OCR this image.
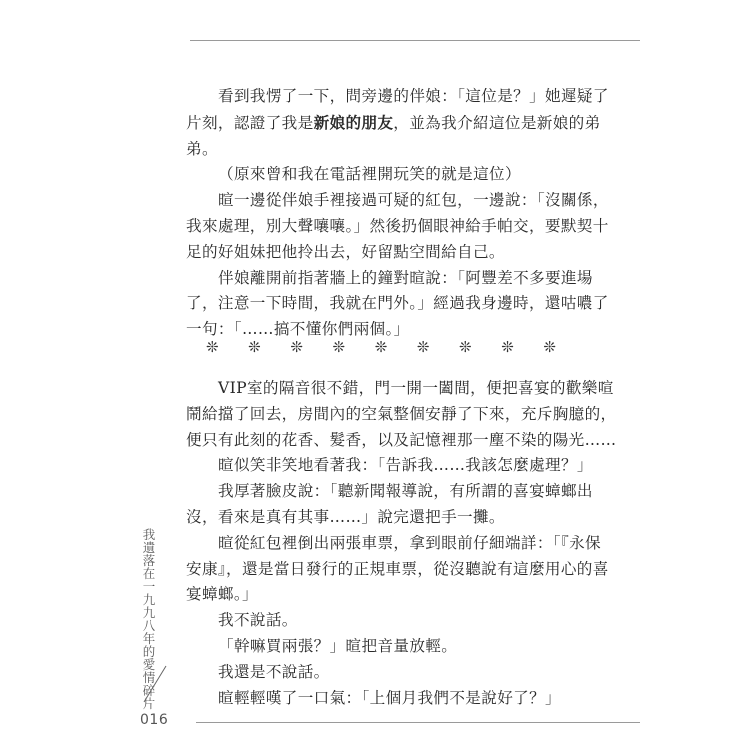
看到我愣了一下，問旁邊的伴娘：「這位是？」她遲疑了
片刻，認證了我是新娘的朋友，並為我介紹這位是新娘的弟
弟。

（原來曾和我在電話裡開玩笑的就是這位）

暄一邊從伴娘手裡接過可疑的紅包，一邊說：「沒關係，
我來處理，別大聲嚷嚷。」然後扔個眼神給手帕交，要默契十
足的好姐妹把他拎出去，好留點空間給自己。

伴娘離開前指著牆上的鐘對暄說：「阿豐差不多要進場
了，注意一下時間，我就在門外。」經過我身邊時，還咕噥了
一句：「……搞不懂你們兩個。」

❊ ❊ ❊ ❊ ❊ ❊ ❊ ❊ ❊

VIP室的隔音很不錯，門一開一闔間，便把喜宴的歡樂喧
鬧給擋了回去，房間內的空氣整個安靜了下來，充斥胸臆的，
便只有此刻的花香、髮香，以及記憶裡那一塵不染的陽光……

暄似笑非笑地看著我：「告訴我……我該怎麼處理？」

我厚著臉皮說：「聽新聞報導說，有所謂的喜宴蟑螂出
沒，看來是真有其事……」說完還把手一攤。

暄從紅包裡倒出兩張車票，拿到眼前仔細端詳：「『永保
安康』，還是當日發行的正規車票，從沒聽說有這麼用心的喜
宴蟑螂。」

我不說話。

「幹嘛買兩張？」暄把音量放輕。

我還是不說話。

暄輕輕嘆了一口氣：「上個月我們不是說好了？」

我遺落在一九九八年的愛情碎片
016
